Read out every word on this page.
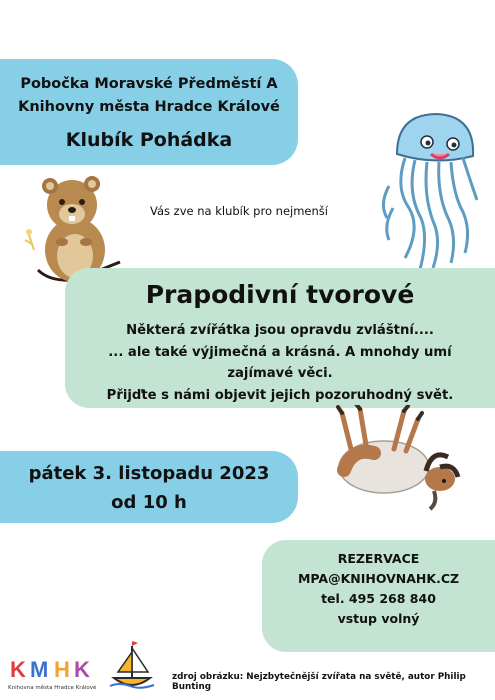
Pobočka Moravské Předměstí A
Knihovny města Hradce Králové
Klubík Pohádka
Vás zve na klubík pro nejmenší
Prapodivní tvorové
Některá zvířátka jsou opravdu zvláštní....
... ale také výjimečná a krásná. A mnohdy umí
zajímavé věci.
Přijďte s námi objevit jejich pozoruhodný svět.
pátek 3. listopadu 2023
od 10 h
REZERVACE
MPA@KNIHOVNAHK.CZ
tel. 495 268 840
vstup volný
K M H K
Knihovna města Hradce Králové
zdroj obrázku: Nejzbytečnější zvířata na světě, autor Philip Bunting
